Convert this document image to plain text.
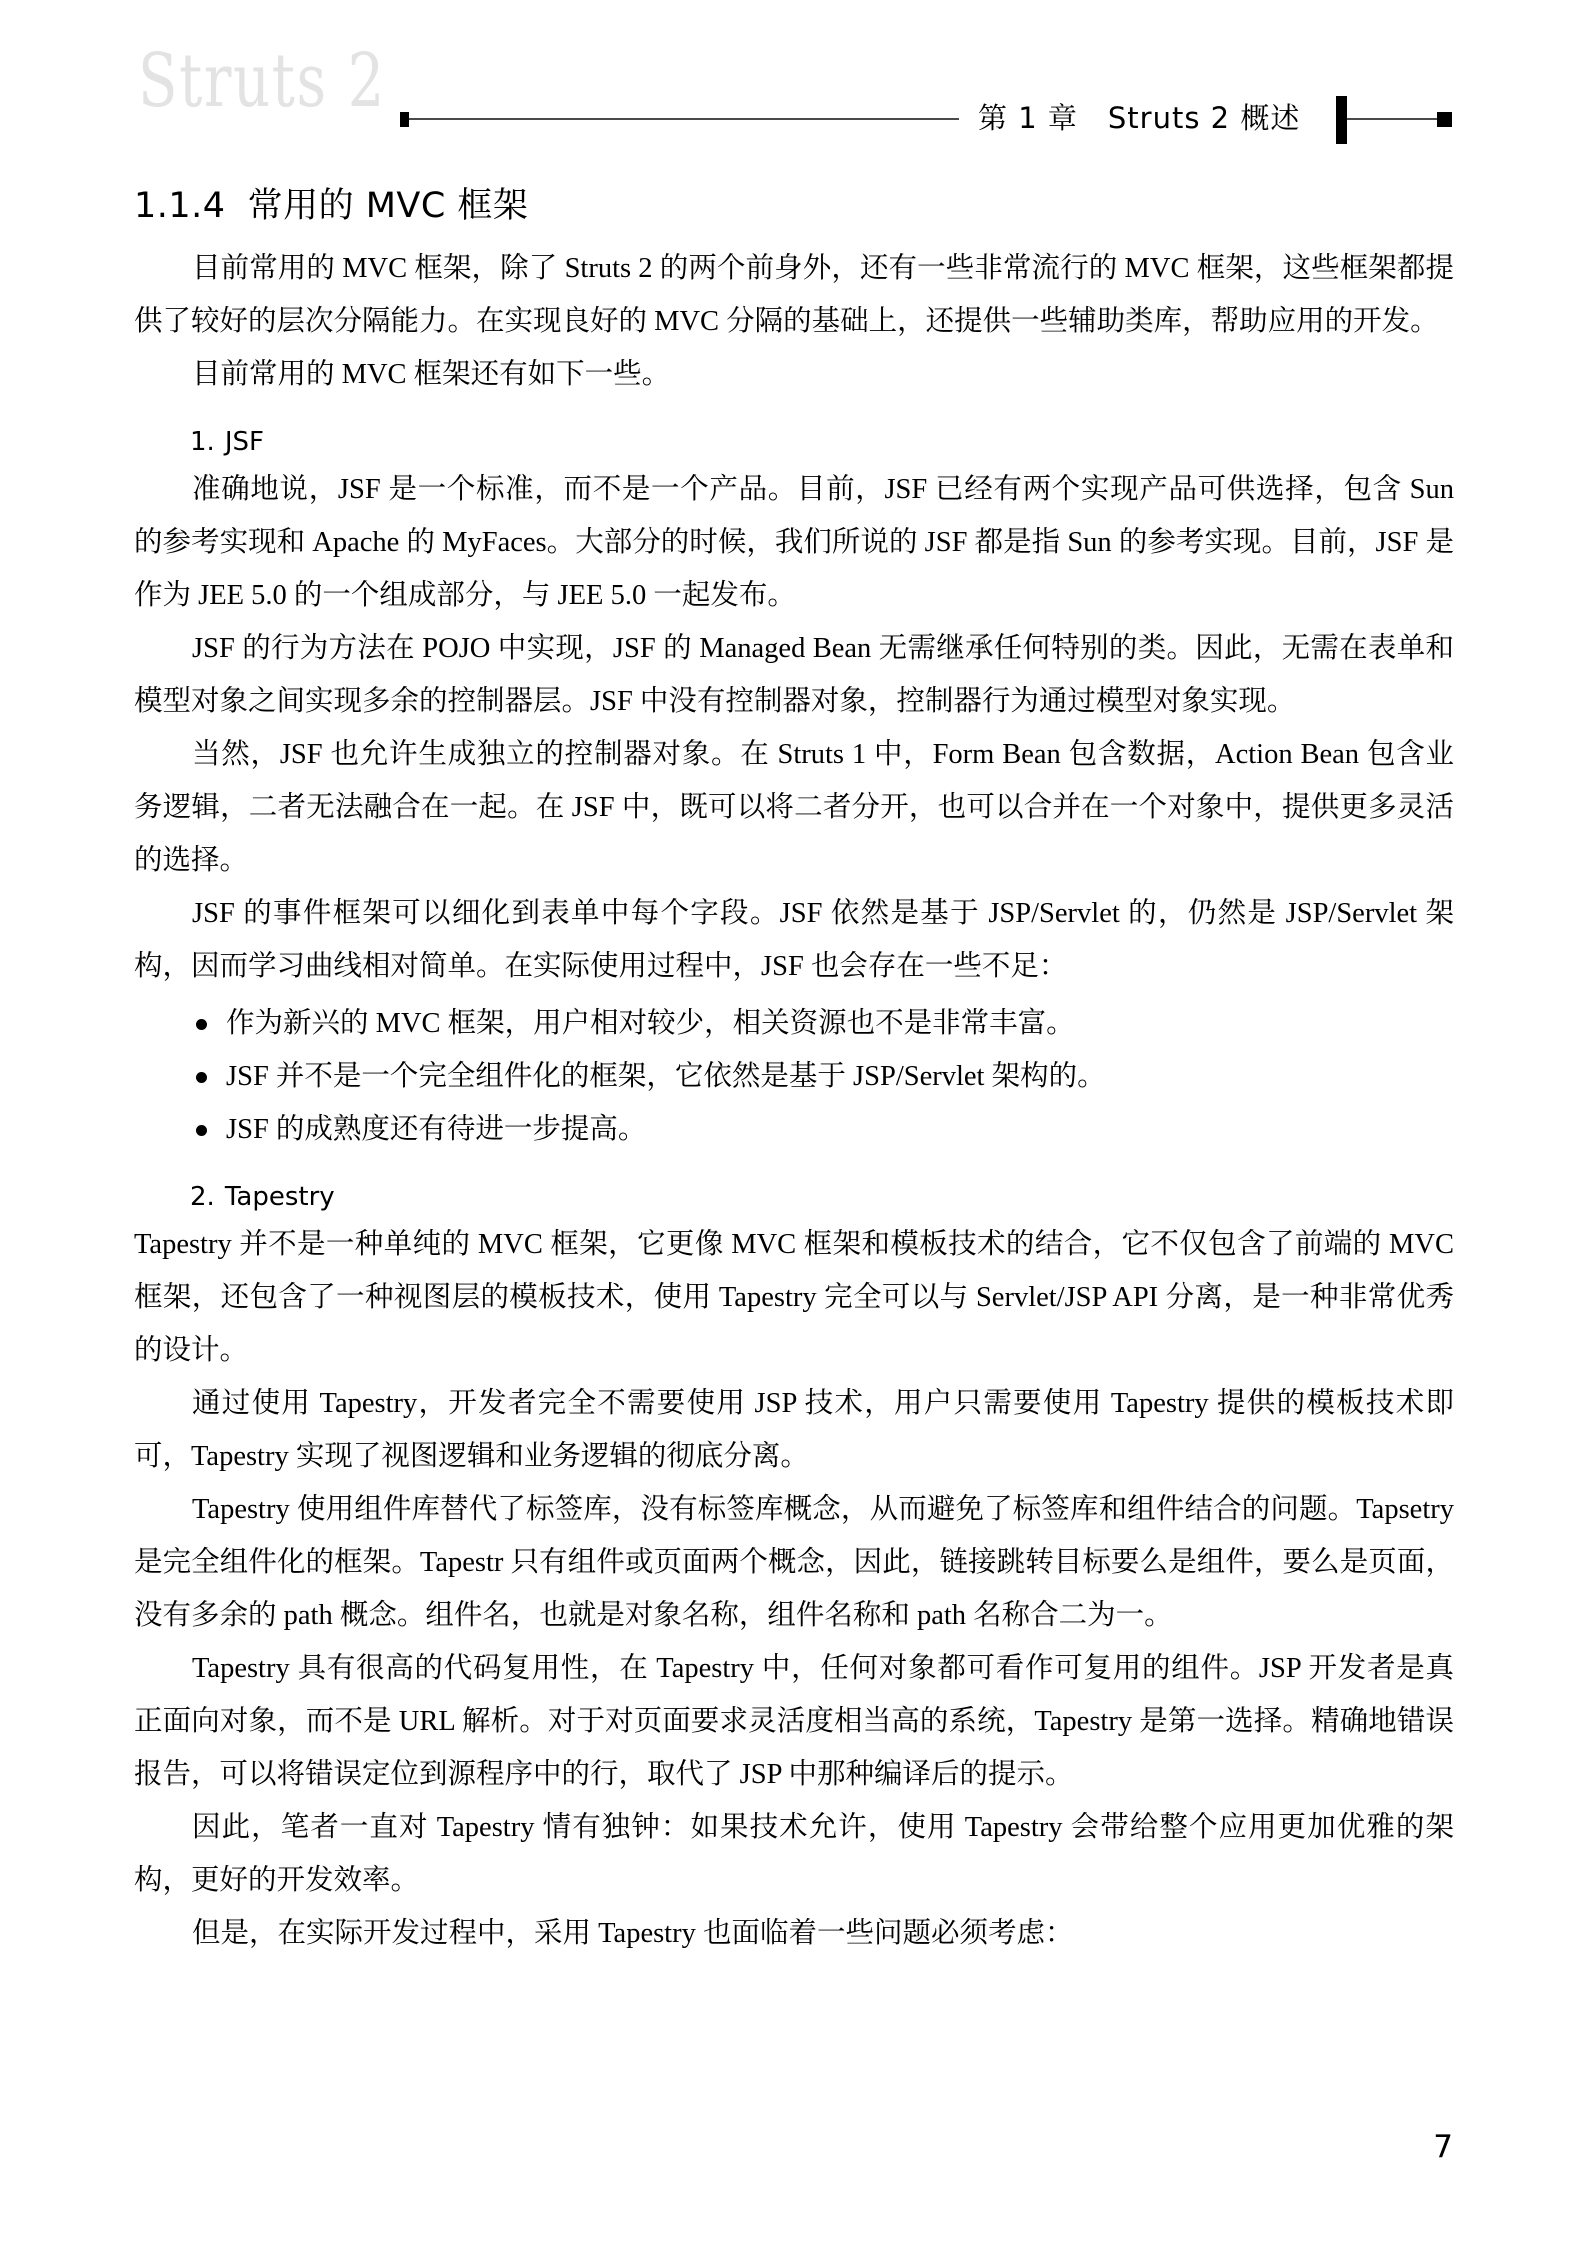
Struts 2	第 1 章　Struts 2 概述
1.1.4 常用的 MVC 框架

目前常用的 MVC 框架，除了 Struts 2 的两个前身外，还有一些非常流行的 MVC 框架，这些框架都提供了较好的层次分隔能力。在实现良好的 MVC 分隔的基础上，还提供一些辅助类库，帮助应用的开发。

目前常用的 MVC 框架还有如下一些。

1. JSF

准确地说，JSF 是一个标准，而不是一个产品。目前，JSF 已经有两个实现产品可供选择，包含 Sun 的参考实现和 Apache 的 MyFaces。大部分的时候，我们所说的 JSF 都是指 Sun 的参考实现。目前，JSF 是作为 JEE 5.0 的一个组成部分，与 JEE 5.0 一起发布。

JSF 的行为方法在 POJO 中实现，JSF 的 Managed Bean 无需继承任何特别的类。因此，无需在表单和模型对象之间实现多余的控制器层。JSF 中没有控制器对象，控制器行为通过模型对象实现。

当然，JSF 也允许生成独立的控制器对象。在 Struts 1 中，Form Bean 包含数据，Action Bean 包含业务逻辑，二者无法融合在一起。在 JSF 中，既可以将二者分开，也可以合并在一个对象中，提供更多灵活的选择。

JSF 的事件框架可以细化到表单中每个字段。JSF 依然是基于 JSP/Servlet 的，仍然是 JSP/Servlet 架构，因而学习曲线相对简单。在实际使用过程中，JSF 也会存在一些不足：

作为新兴的 MVC 框架，用户相对较少，相关资源也不是非常丰富。
JSF 并不是一个完全组件化的框架，它依然是基于 JSP/Servlet 架构的。
JSF 的成熟度还有待进一步提高。
2. Tapestry

Tapestry 并不是一种单纯的 MVC 框架，它更像 MVC 框架和模板技术的结合，它不仅包含了前端的 MVC 框架，还包含了一种视图层的模板技术，使用 Tapestry 完全可以与 Servlet/JSP API 分离，是一种非常优秀的设计。

通过使用 Tapestry，开发者完全不需要使用 JSP 技术，用户只需要使用 Tapestry 提供的模板技术即可，Tapestry 实现了视图逻辑和业务逻辑的彻底分离。

Tapestry 使用组件库替代了标签库，没有标签库概念，从而避免了标签库和组件结合的问题。Tapsetry 是完全组件化的框架。Tapestr 只有组件或页面两个概念，因此，链接跳转目标要么是组件，要么是页面，没有多余的 path 概念。组件名，也就是对象名称，组件名称和 path 名称合二为一。

Tapestry 具有很高的代码复用性，在 Tapestry 中，任何对象都可看作可复用的组件。JSP 开发者是真正面向对象，而不是 URL 解析。对于对页面要求灵活度相当高的系统，Tapestry 是第一选择。精确地错误报告，可以将错误定位到源程序中的行，取代了 JSP 中那种编译后的提示。

因此，笔者一直对 Tapestry 情有独钟：如果技术允许，使用 Tapestry 会带给整个应用更加优雅的架构，更好的开发效率。

但是，在实际开发过程中，采用 Tapestry 也面临着一些问题必须考虑：

7
